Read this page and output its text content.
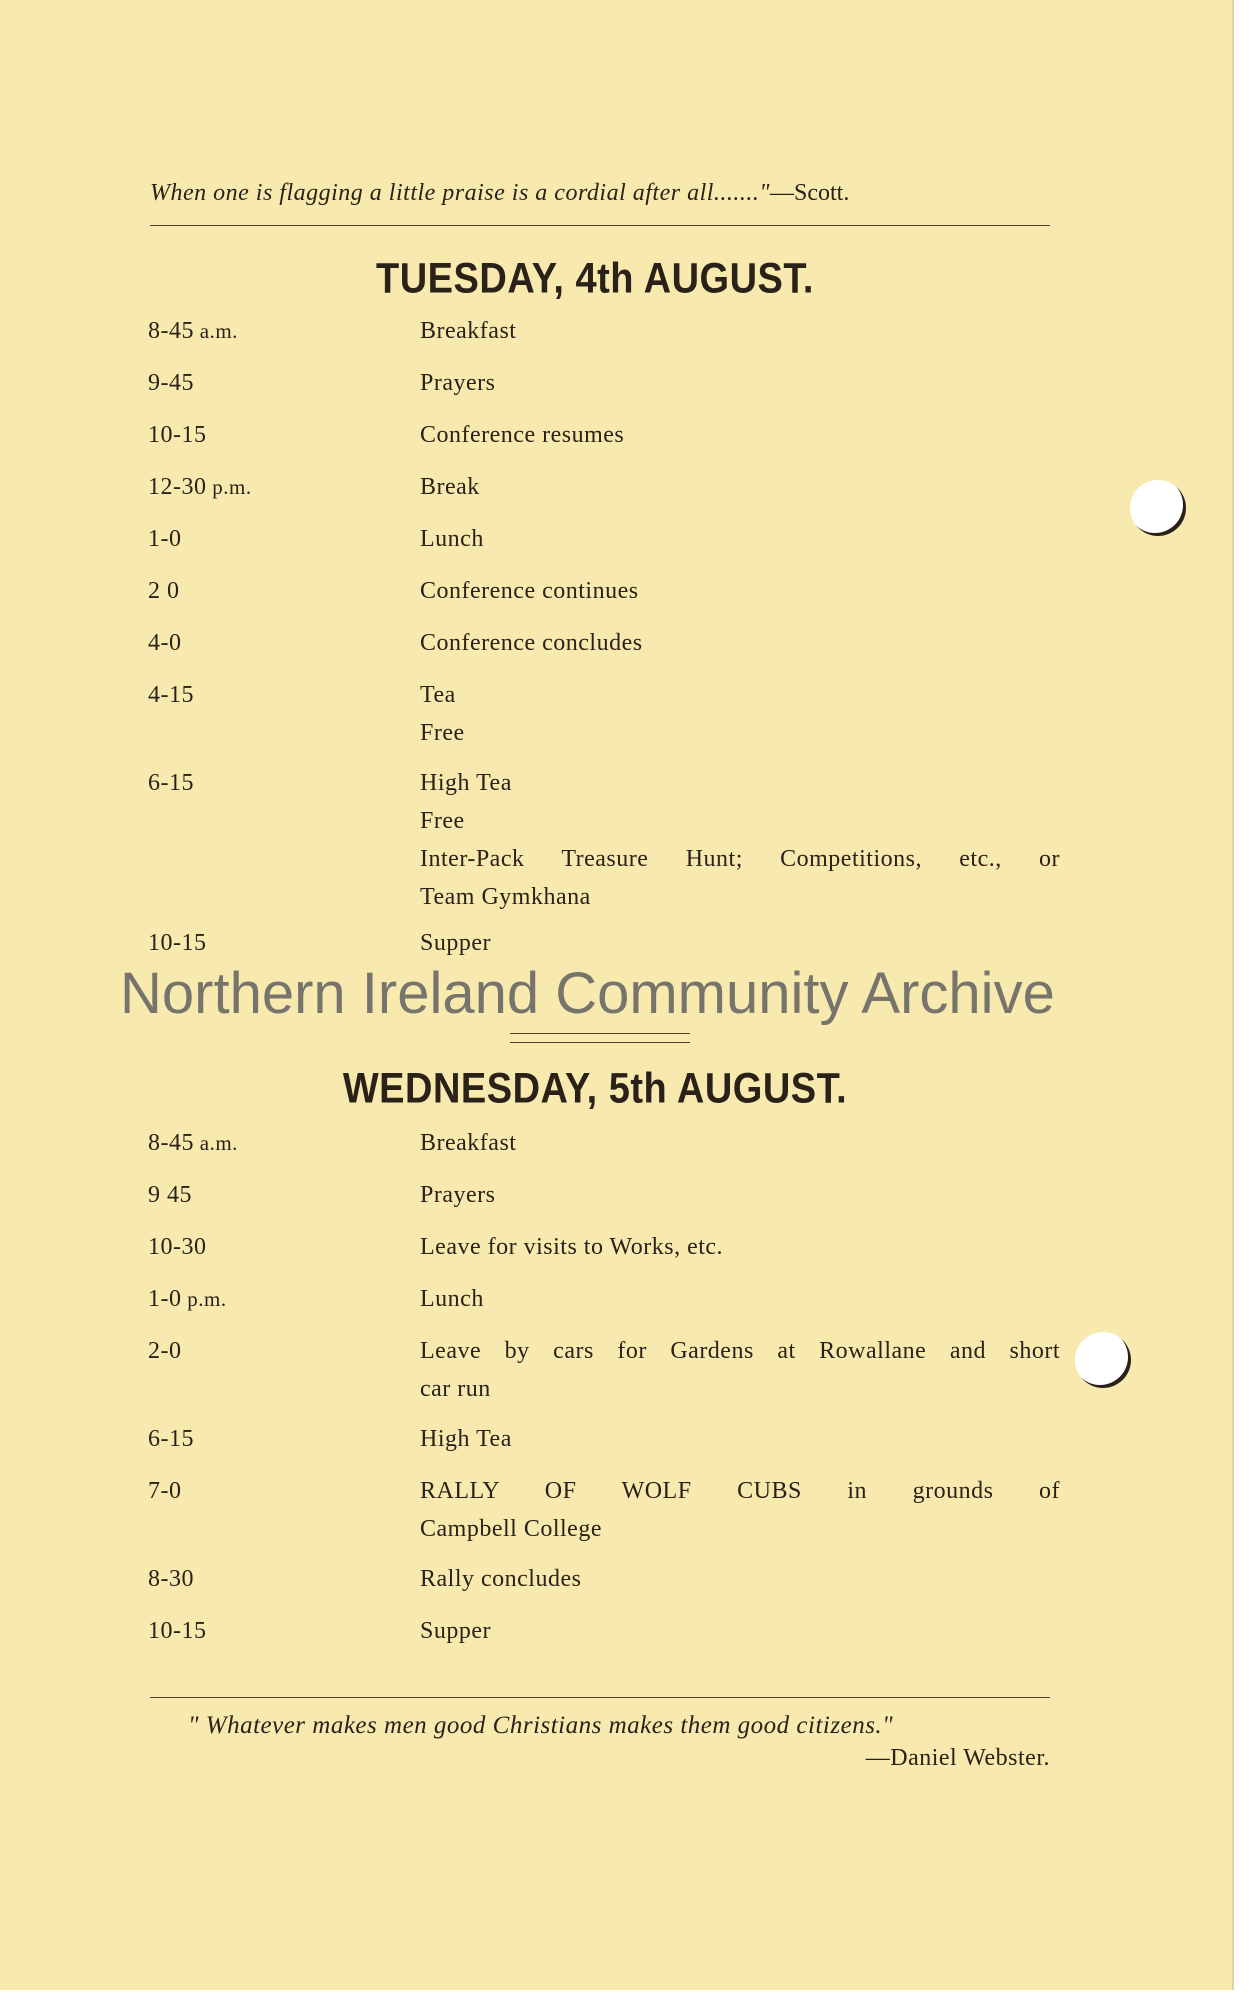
When one is flagging a little praise is a cordial after all......."—Scott.
TUESDAY, 4th AUGUST.
8-45 a.m.	Breakfast
9-45	Prayers
10-15	Conference resumes
12-30 p.m.	Break
1-0	Lunch
2 0	Conference continues
4-0	Conference concludes
4-15	Tea
Free
6-15	High Tea
Free
Inter-Pack Treasure Hunt; Competitions, etc., or
Team Gymkhana
10-15	Supper
Northern Ireland Community Archive
WEDNESDAY, 5th AUGUST.
8-45 a.m.	Breakfast
9 45	Prayers
10-30	Leave for visits to Works, etc.
1-0 p.m.	Lunch
2-0	Leave by cars for Gardens at Rowallane and short
car run
6-15	High Tea
7-0	RALLY OF WOLF CUBS in grounds of
Campbell College
8-30	Rally concludes
10-15	Supper
" Whatever makes men good Christians makes them good citizens."
—Daniel Webster.
